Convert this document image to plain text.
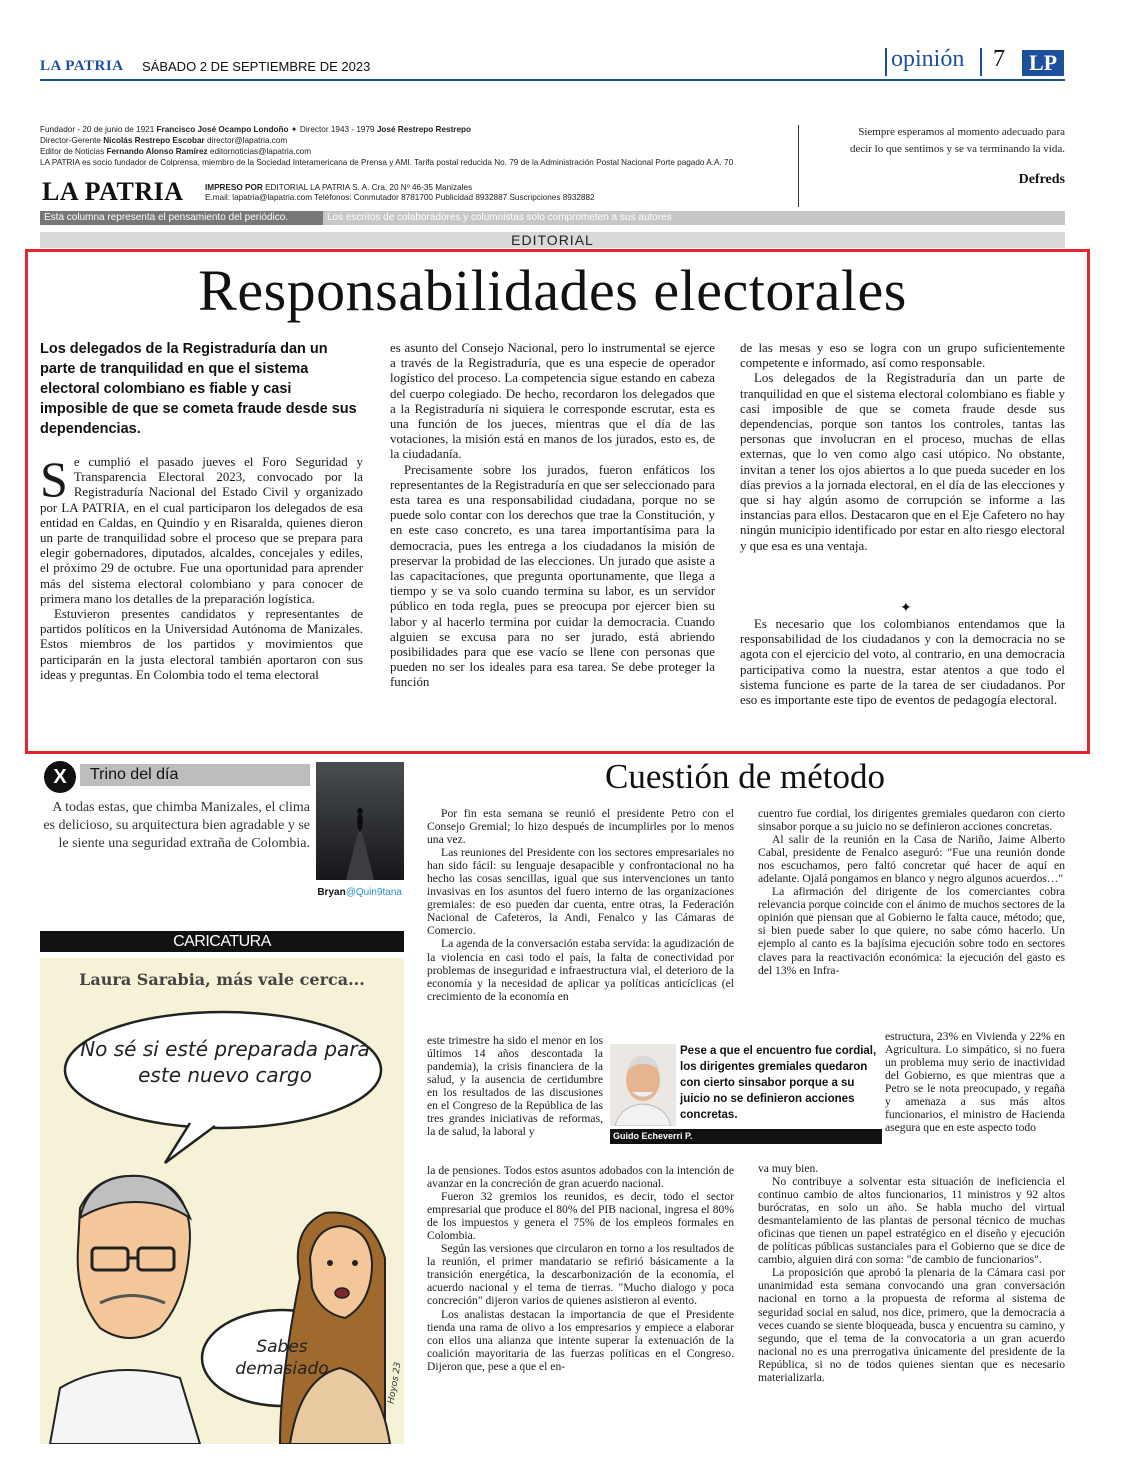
LA PATRIA SÁBADO 2 DE SEPTIEMBRE DE 2023	opinión 7	LP
Fundador - 20 de junio de 1921 Francisco José Ocampo Londoño ✦ Director 1943 - 1979 José Restrepo Restrepo
Director-Gerente Nicolás Restrepo Escobar director@lapatria.com
Editor de Noticias Fernando Alonso Ramírez editornoticias@lapatria.com
LA PATRIA es socio fundador de Colprensa, miembro de la Sociedad Interamericana de Prensa y AMI. Tarifa postal reducida No. 79 de la Administración Postal Nacional Porte pagado A.A. 70
LA PATRIA	IMPRESO POR EDITORIAL LA PATRIA S. A. Cra. 20 Nº 46-35 Manizales
E.mail: lapatria@lapatria.com Teléfonos: Conmutador 8781700 Publicidad 8932887 Suscripciones 8932882
Siempre esperamos al momento adecuado para
decir lo que sentimos y se va terminando la vida.
Defreds
Esta columna representa el pensamiento del periódico.	Los escritos de colaboradores y columnistas solo comprometen a sus autores
EDITORIAL
Responsabilidades electorales
Los delegados de la Registraduría dan un parte de tranquilidad en que el sistema electoral colombiano es fiable y casi imposible de que se cometa fraude desde sus dependencias.

Se cumplió el pasado jueves el Foro Seguridad y Transparencia Electoral 2023, convocado por la Registraduría Nacional del Estado Civil y organizado por LA PATRIA, en el cual participaron los delegados de esa entidad en Caldas, en Quindío y en Risaralda, quienes dieron un parte de tranquilidad sobre el proceso que se prepara para elegir gobernadores, diputados, alcaldes, concejales y ediles, el próximo 29 de octubre. Fue una oportunidad para aprender más del sistema electoral colombiano y para conocer de primera mano los detalles de la preparación logística.

Estuvieron presentes candidatos y representantes de partidos políticos en la Universidad Autónoma de Manizales. Estos miembros de los partidos y movimientos que participarán en la justa electoral también aportaron con sus ideas y preguntas. En Colombia todo el tema electoral

es asunto del Consejo Nacional, pero lo instrumental se ejerce a través de la Registraduría, que es una especie de operador logístico del proceso. La competencia sigue estando en cabeza del cuerpo colegiado. De hecho, recordaron los delegados que a la Registraduría ni siquiera le corresponde escrutar, esta es una función de los jueces, mientras que el día de las votaciones, la misión está en manos de los jurados, esto es, de la ciudadanía.

Precisamente sobre los jurados, fueron enfáticos los representantes de la Registraduría en que ser seleccionado para esta tarea es una responsabilidad ciudadana, porque no se puede solo contar con los derechos que trae la Constitución, y en este caso concreto, es una tarea importantísima para la democracia, pues les entrega a los ciudadanos la misión de preservar la probidad de las elecciones. Un jurado que asiste a las capacitaciones, que pregunta oportunamente, que llega a tiempo y se va solo cuando termina su labor, es un servidor público en toda regla, pues se preocupa por ejercer bien su labor y al hacerlo termina por cuidar la democracia. Cuando alguien se excusa para no ser jurado, está abriendo posibilidades para que ese vacío se llene con personas que pueden no ser los ideales para esa tarea. Se debe proteger la función

de las mesas y eso se logra con un grupo suficientemente competente e informado, así como responsable.

Los delegados de la Registraduría dan un parte de tranquilidad en que el sistema electoral colombiano es fiable y casi imposible de que se cometa fraude desde sus dependencias, porque son tantos los controles, tantas las personas que involucran en el proceso, muchas de ellas externas, que lo ven como algo casi utópico. No obstante, invitan a tener los ojos abiertos a lo que pueda suceder en los días previos a la jornada electoral, en el día de las elecciones y que si hay algún asomo de corrupción se informe a las instancias para ellos. Destacaron que en el Eje Cafetero no hay ningún municipio identificado por estar en alto riesgo electoral y que esa es una ventaja.

✦

Es necesario que los colombianos entendamos que la responsabilidad de los ciudadanos y con la democracia no se agota con el ejercicio del voto, al contrario, en una democracia participativa como la nuestra, estar atentos a que todo el sistema funcione es parte de la tarea de ser ciudadanos. Por eso es importante este tipo de eventos de pedagogía electoral.

X	Trino del día
A todas estas, que chimba Manizales, el clima es delicioso, su arquitectura bien agradable y se le siente una seguridad extraña de Colombia.
Bryan@Quin9tana
CARICATURA
Laura Sarabia, más vale cerca...
No sé si esté preparada para este nuevo cargo
Sabes demasiado	Hoyos 23
Cuestión de método

Por fin esta semana se reunió el presidente Petro con el Consejo Gremial; lo hizo después de incumplirles por lo menos una vez.

Las reuniones del Presidente con los sectores empresariales no han sido fácil: su lenguaje desapacible y confrontacional no ha hecho las cosas sencillas, igual que sus intervenciones un tanto invasivas en los asuntos del fuero interno de las organizaciones gremiales: de eso pueden dar cuenta, entre otras, la Federación Nacional de Cafeteros, la Andi, Fenalco y las Cámaras de Comercio.

La agenda de la conversación estaba servida: la agudización de la violencia en casi todo el país, la falta de conectividad por problemas de inseguridad e infraestructura vial, el deterioro de la economía y la necesidad de aplicar ya políticas anticíclicas (el crecimiento de la economía en

este trimestre ha sido el menor en los últimos 14 años descontada la pandemia), la crisis financiera de la salud, y la ausencia de certidumbre en los resultados de las discusiones en el Congreso de la República de las tres grandes iniciativas de reformas, la de salud, la laboral y

la de pensiones. Todos estos asuntos adobados con la intención de avanzar en la concreción de gran acuerdo nacional.

Fueron 32 gremios los reunidos, es decir, todo el sector empresarial que produce el 80% del PIB nacional, ingresa el 80% de los impuestos y genera el 75% de los empleos formales en Colombia.

Según las versiones que circularon en torno a los resultados de la reunión, el primer mandatario se refirió básicamente a la transición energética, la descarbonización de la economía, el acuerdo nacional y el tema de tierras. "Mucho dialogo y poca concreción" dijeron varios de quienes asistieron al evento.

Los analistas destacan la importancia de que el Presidente tienda una rama de olivo a los empresarios y empiece a elaborar con ellos una alianza que intente superar la extenuación de la coalición mayoritaria de las fuerzas políticas en el Congreso. Dijeron que, pese a que el en-

Pese a que el encuentro fue cordial, los dirigentes gremiales quedaron con cierto sinsabor porque a su juicio no se definieron acciones concretas.
Guido Echeverri P.

cuentro fue cordial, los dirigentes gremiales quedaron con cierto sinsabor porque a su juicio no se definieron acciones concretas.

Al salir de la reunión en la Casa de Nariño, Jaime Alberto Cabal, presidente de Fenalco aseguró: "Fue una reunión donde nos escuchamos, pero faltó concretar qué hacer de aquí en adelante. Ojalá pongamos en blanco y negro algunos acuerdos…"

La afirmación del dirigente de los comerciantes cobra relevancia porque coincide con el ánimo de muchos sectores de la opinión que piensan que al Gobierno le falta cauce, método; que, si bien puede saber lo que quiere, no sabe cómo hacerlo. Un ejemplo al canto es la bajísima ejecución sobre todo en sectores claves para la reactivación económica: la ejecución del gasto es del 13% en Infra-

estructura, 23% en Vivienda y 22% en Agricultura. Lo simpático, si no fuera un problema muy serio de inactividad del Gobierno, es que mientras que a Petro se le nota preocupado, y regaña y amenaza a sus más altos funcionarios, el ministro de Hacienda asegura que en este aspecto todo

va muy bien.

No contribuye a solventar esta situación de ineficiencia el continuo cambio de altos funcionarios, 11 ministros y 92 altos burócratas, en solo un año. Se habla mucho del virtual desmantelamiento de las plantas de personal técnico de muchas oficinas que tienen un papel estratégico en el diseño y ejecución de políticas públicas sustanciales para el Gobierno que se dice de cambio, alguien dirá con sorna: "de cambio de funcionarios".

La proposición que aprobó la plenaria de la Cámara casi por unanimidad esta semana convocando una gran conversación nacional en torno a la propuesta de reforma al sistema de seguridad social en salud, nos dice, primero, que la democracia a veces cuando se siente bloqueada, busca y encuentra su camino, y segundo, que el tema de la convocatoria a un gran acuerdo nacional no es una prerrogativa únicamente del presidente de la República, si no de todos quienes sientan que es necesario materializarla.
